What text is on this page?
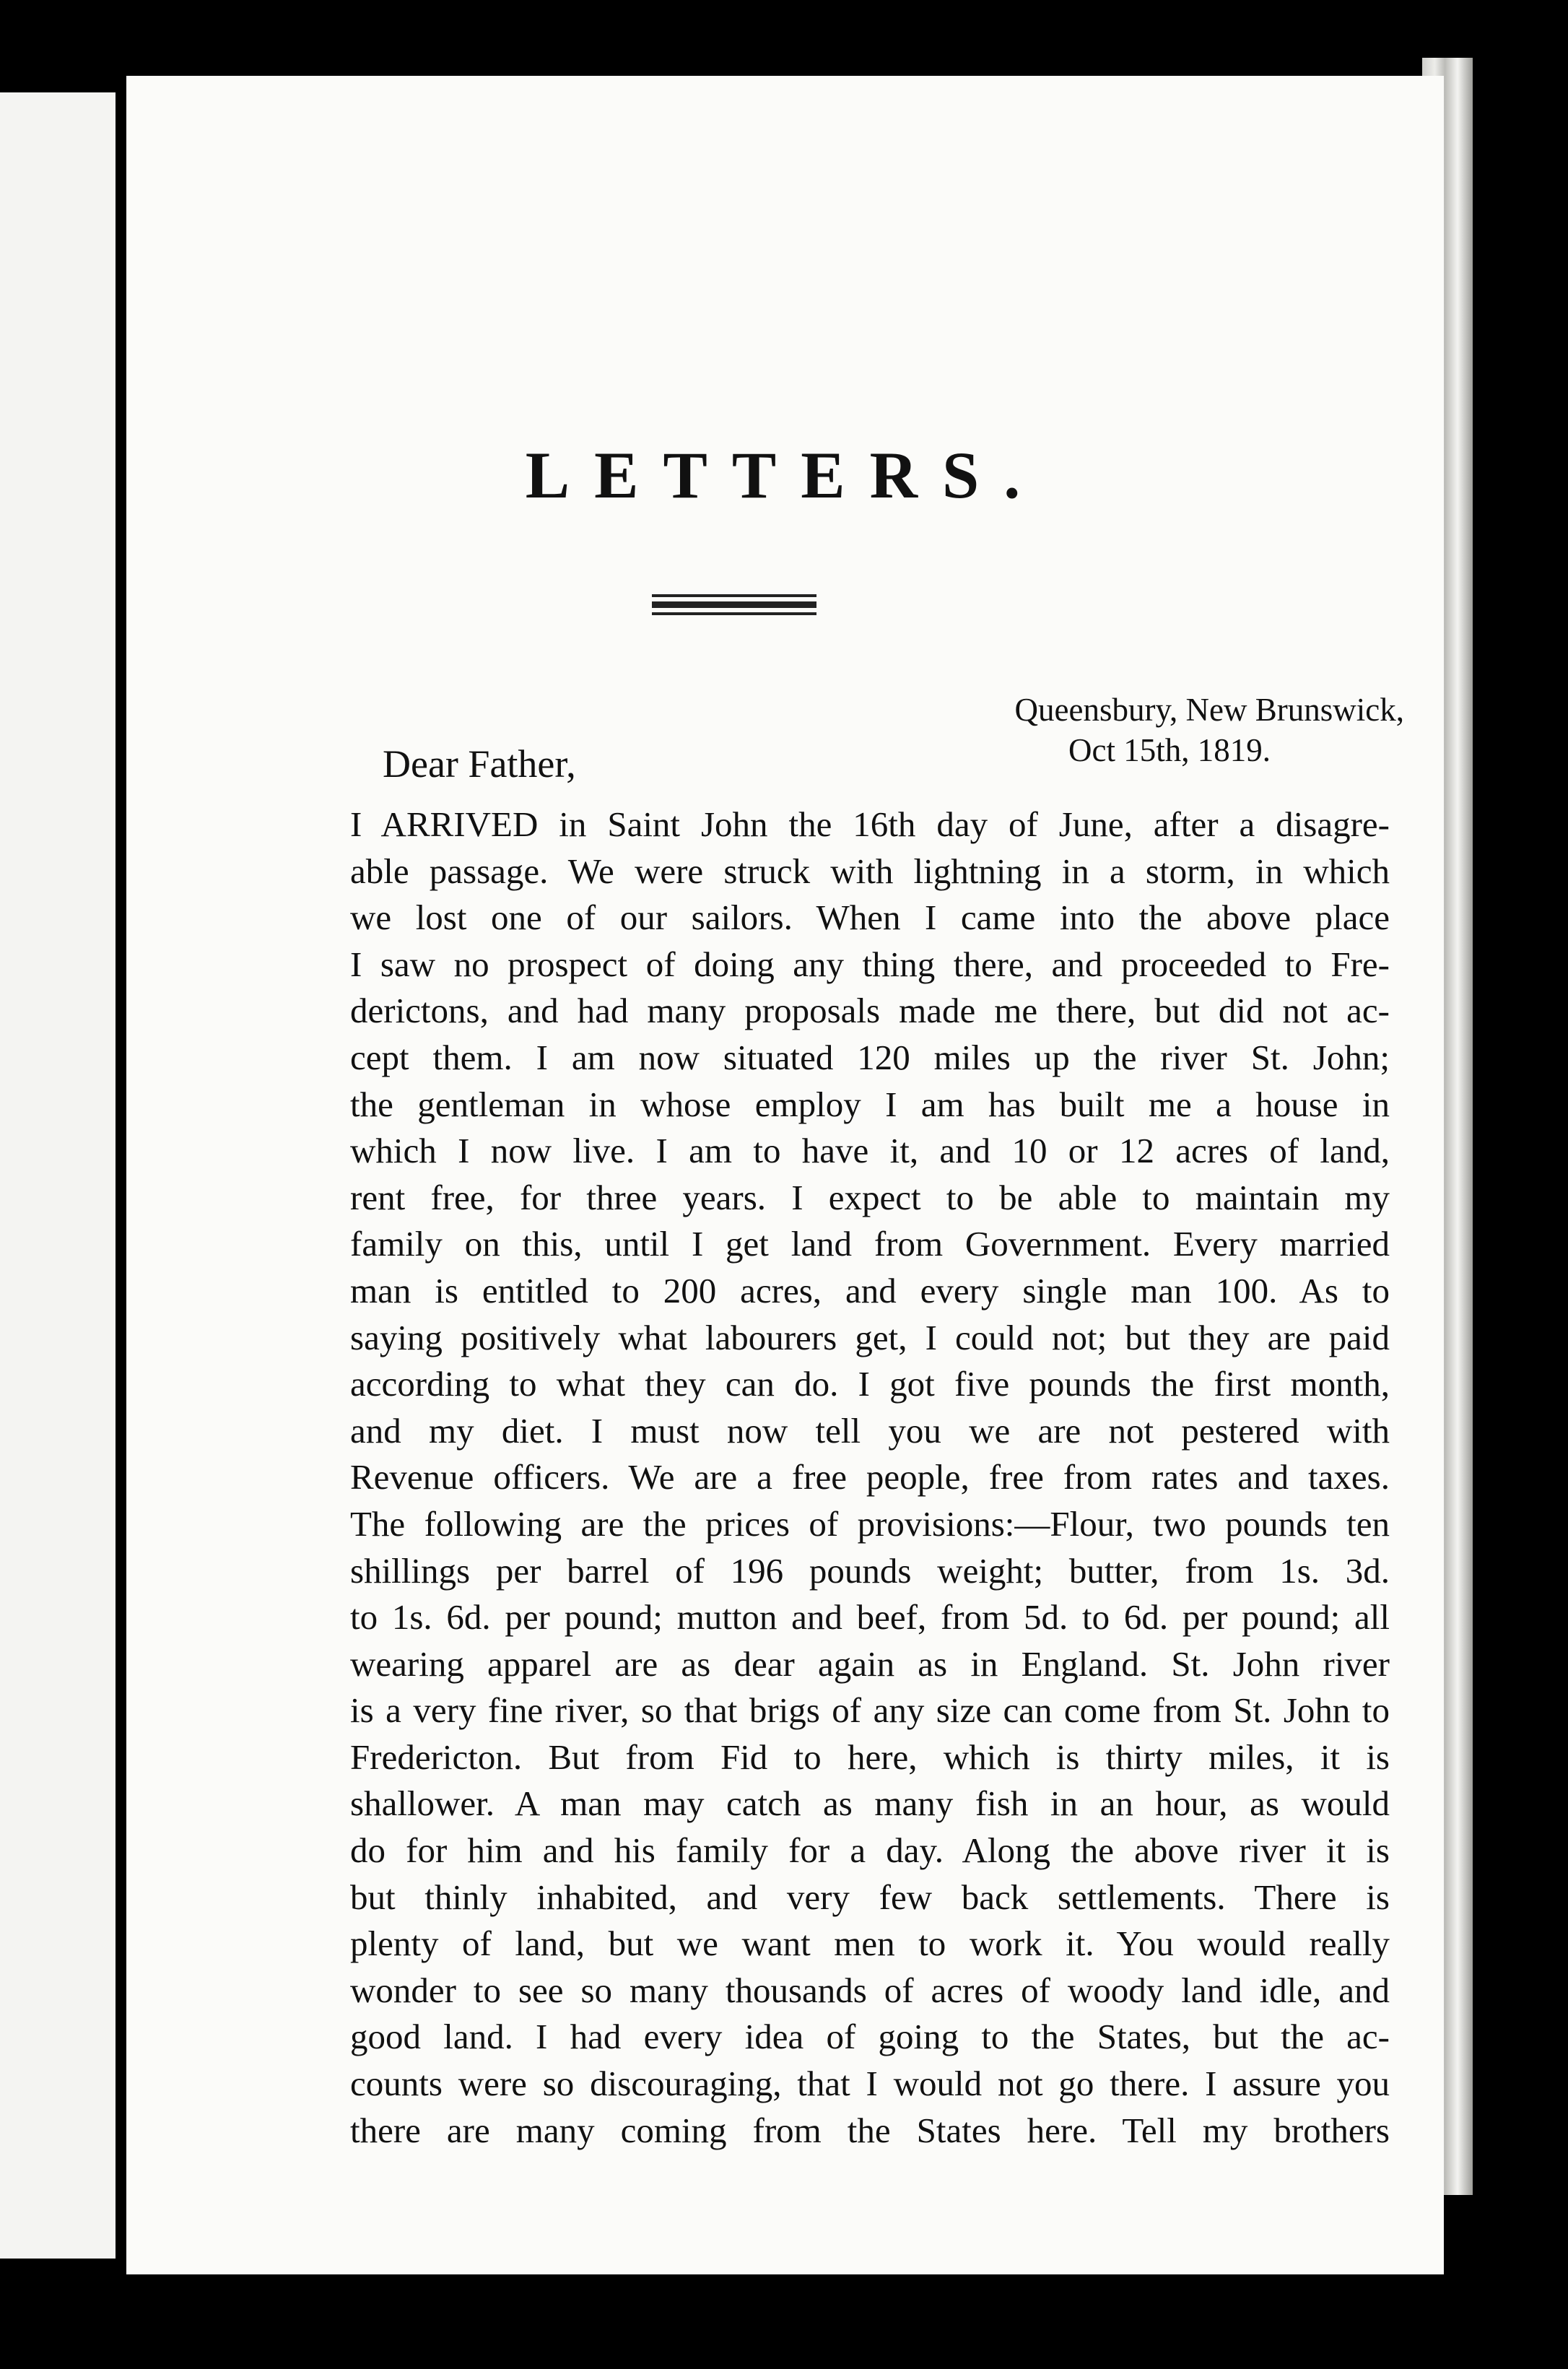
LETTERS.
Queensbury, New Brunswick,
Oct 15th, 1819.
Dear Father,
I ARRIVED in Saint John the 16th day of June, after a disagre-
able passage. We were struck with lightning in a storm, in which
we lost one of our sailors. When I came into the above place
I saw no prospect of doing any thing there, and proceeded to Fre-
derictons, and had many proposals made me there, but did not ac-
cept them. I am now situated 120 miles up the river St. John;
the gentleman in whose employ I am has built me a house in
which I now live. I am to have it, and 10 or 12 acres of land,
rent free, for three years. I expect to be able to maintain my
family on this, until I get land from Government. Every married
man is entitled to 200 acres, and every single man 100. As to
saying positively what labourers get, I could not; but they are paid
according to what they can do. I got five pounds the first month,
and my diet. I must now tell you we are not pestered with
Revenue officers. We are a free people, free from rates and taxes.
The following are the prices of provisions:—Flour, two pounds ten
shillings per barrel of 196 pounds weight; butter, from 1s. 3d.
to 1s. 6d. per pound; mutton and beef, from 5d. to 6d. per pound; all
wearing apparel are as dear again as in England. St. John river
is a very fine river, so that brigs of any size can come from St. John to
Fredericton. But from Fid to here, which is thirty miles, it is
shallower. A man may catch as many fish in an hour, as would
do for him and his family for a day. Along the above river it is
but thinly inhabited, and very few back settlements. There is
plenty of land, but we want men to work it. You would really
wonder to see so many thousands of acres of woody land idle, and
good land. I had every idea of going to the States, but the ac-
counts were so discouraging, that I would not go there. I assure you
there are many coming from the States here. Tell my brothers
